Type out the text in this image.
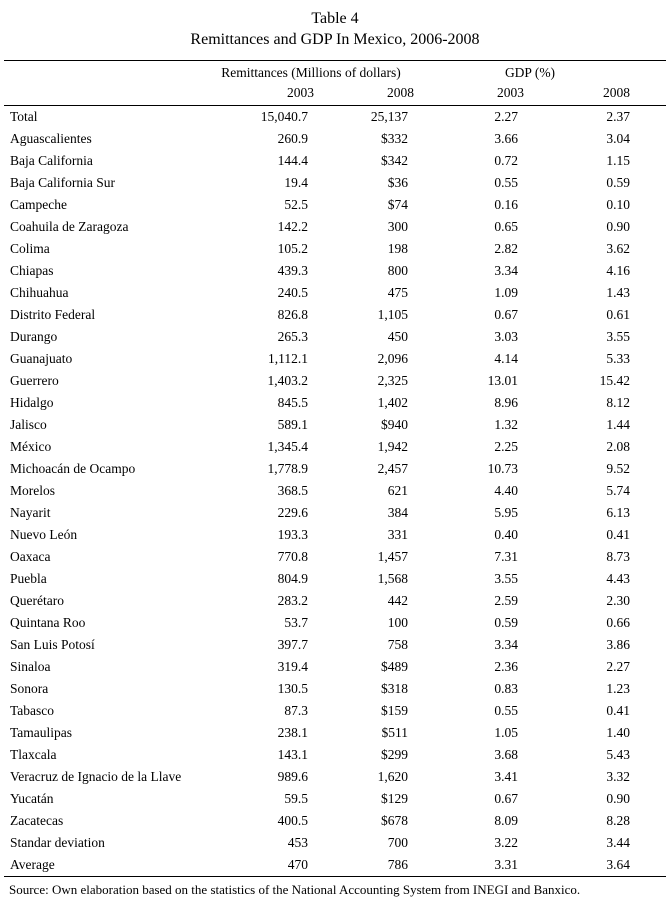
Table 4
Remittances and GDP In Mexico, 2006-2008
	Remittances (Millions of dollars)		GDP (%)	
	2003	2008	2003	2008
Total	15,040.7	25,137	2.27	2.37
Aguascalientes	260.9	$332	3.66	3.04
Baja California	144.4	$342	0.72	1.15
Baja California Sur	19.4	$36	0.55	0.59
Campeche	52.5	$74	0.16	0.10
Coahuila de Zaragoza	142.2	300	0.65	0.90
Colima	105.2	198	2.82	3.62
Chiapas	439.3	800	3.34	4.16
Chihuahua	240.5	475	1.09	1.43
Distrito Federal	826.8	1,105	0.67	0.61
Durango	265.3	450	3.03	3.55
Guanajuato	1,112.1	2,096	4.14	5.33
Guerrero	1,403.2	2,325	13.01	15.42
Hidalgo	845.5	1,402	8.96	8.12
Jalisco	589.1	$940	1.32	1.44
México	1,345.4	1,942	2.25	2.08
Michoacán de Ocampo	1,778.9	2,457	10.73	9.52
Morelos	368.5	621	4.40	5.74
Nayarit	229.6	384	5.95	6.13
Nuevo León	193.3	331	0.40	0.41
Oaxaca	770.8	1,457	7.31	8.73
Puebla	804.9	1,568	3.55	4.43
Querétaro	283.2	442	2.59	2.30
Quintana Roo	53.7	100	0.59	0.66
San Luis Potosí	397.7	758	3.34	3.86
Sinaloa	319.4	$489	2.36	2.27
Sonora	130.5	$318	0.83	1.23
Tabasco	87.3	$159	0.55	0.41
Tamaulipas	238.1	$511	1.05	1.40
Tlaxcala	143.1	$299	3.68	5.43
Veracruz de Ignacio de la Llave	989.6	1,620	3.41	3.32
Yucatán	59.5	$129	0.67	0.90
Zacatecas	400.5	$678	8.09	8.28
Standar deviation	453	700	3.22	3.44
Average	470	786	3.31	3.64
Source: Own elaboration based on the statistics of the National Accounting System from INEGI and Banxico.
